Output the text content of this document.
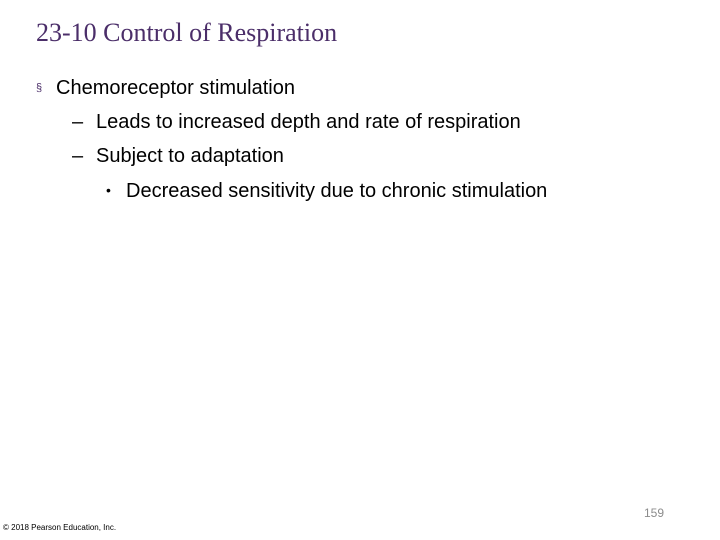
23-10 Control of Respiration
§ Chemoreceptor stimulation
– Leads to increased depth and rate of respiration
– Subject to adaptation
• Decreased sensitivity due to chronic stimulation
159
© 2018 Pearson Education, Inc.
